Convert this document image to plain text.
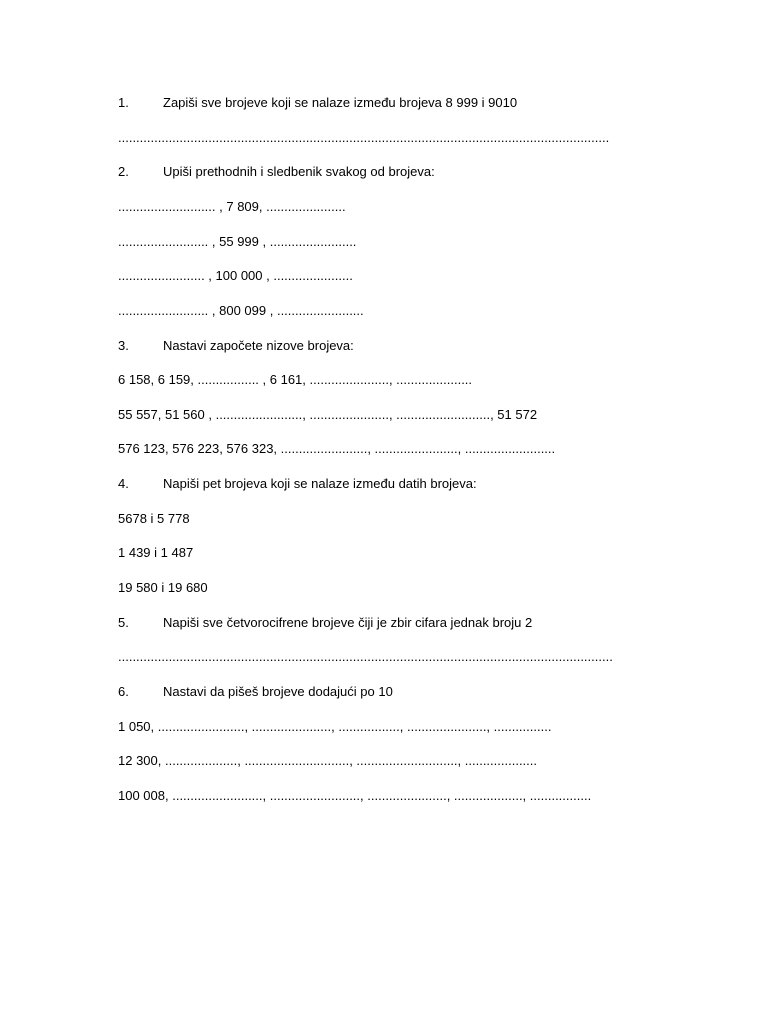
1.	Zapiši sve brojeve koji se nalaze između brojeva 8 999 i 9010
........................................................................................................................................
2.	Upiši prethodnih i sledbenik svakog od brojeva:
........................... , 7 809, ......................
......................... , 55 999 , ........................
........................ , 100 000 , ......................
......................... , 800 099 , ........................
3.	Nastavi započete nizove brojeva:
6 158, 6 159, ................. , 6 161, ......................, .....................
55 557, 51 560 , ........................, ......................, .........................., 51 572
576 123, 576 223, 576 323, ........................, ......................., .........................
4.	Napiši pet brojeva koji se nalaze između datih brojeva:
5678 i 5 778
1 439 i 1 487
19 580 i 19 680
5.	Napiši sve četvorocifrene brojeve čiji je zbir cifara jednak broju 2
.........................................................................................................................................
6.	Nastavi da pišeš brojeve dodajući po 10
1 050, ........................, ......................, ................., ......................, ................
12 300, ...................., ............................., ............................, ....................
100 008, ........................., ........................., ......................, ..................., .................
